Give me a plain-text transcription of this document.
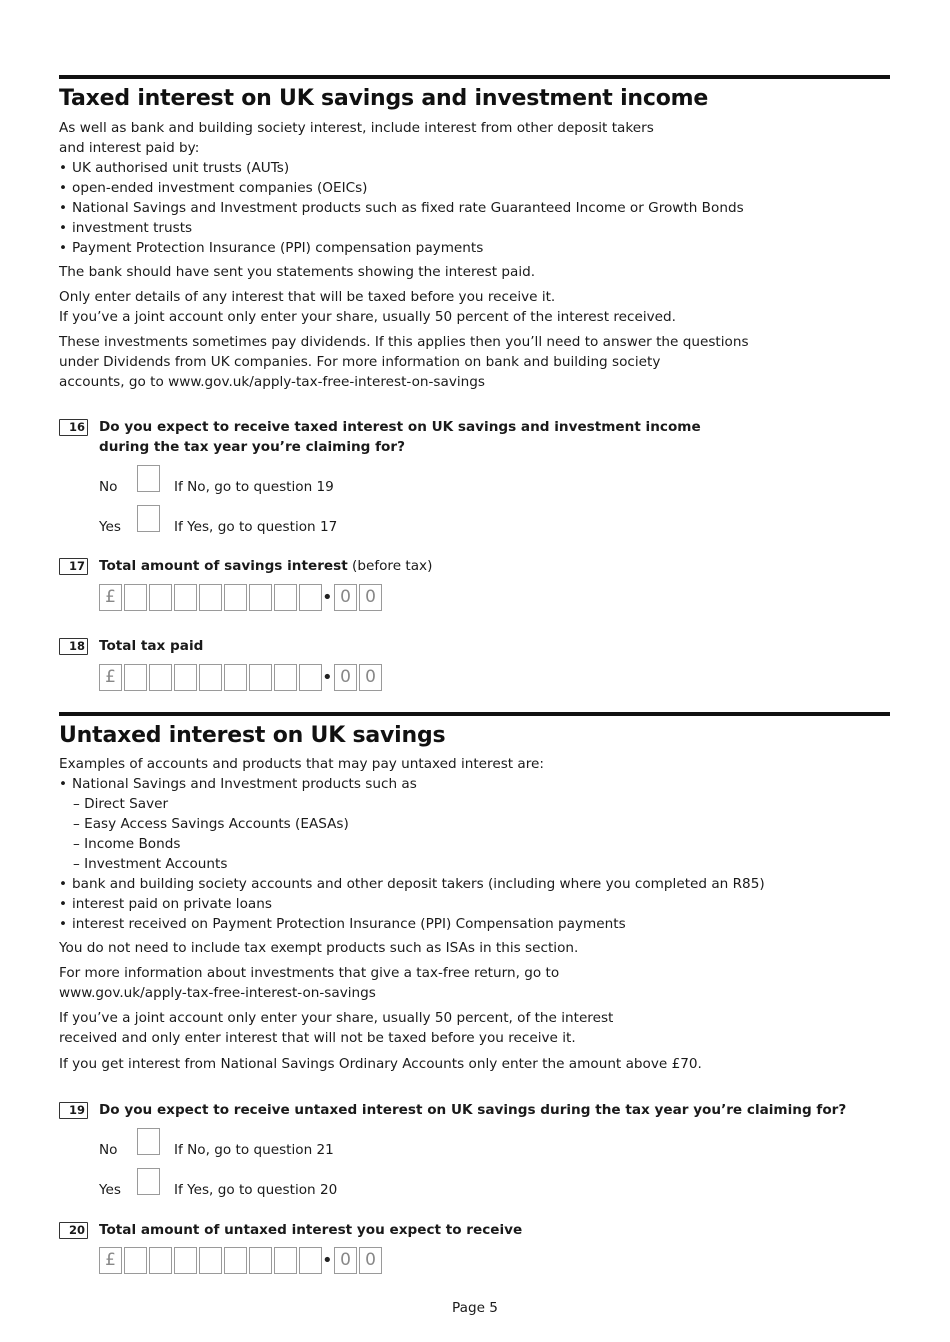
Taxed interest on UK savings and investment income

As well as bank and building society interest, include interest from other deposit takers

and interest paid by:

• UK authorised unit trusts (AUTs)
• open-ended investment companies (OEICs)
• National Savings and Investment products such as fixed rate Guaranteed Income or Growth Bonds
• investment trusts
• Payment Protection Insurance (PPI) compensation payments

The bank should have sent you statements showing the interest paid.

Only enter details of any interest that will be taxed before you receive it.

If you’ve a joint account only enter your share, usually 50 percent of the interest received.

These investments sometimes pay dividends. If this applies then you’ll need to answer the questions

under Dividends from UK companies. For more information on bank and building society

accounts, go to www.gov.uk/apply-tax-free-interest-on-savings

16 Do you expect to receive taxed interest on UK savings and investment income
during the tax year you’re claiming for?
No	If No, go to question 19
Yes	If Yes, go to question 17
17 Total amount of savings interest (before tax)
£	• 0 0
18 Total tax paid
£	• 0 0
Untaxed interest on UK savings

Examples of accounts and products that may pay untaxed interest are:

• National Savings and Investment products such as
– Direct Saver
– Easy Access Savings Accounts (EASAs)
– Income Bonds
– Investment Accounts
• bank and building society accounts and other deposit takers (including where you completed an R85)
• interest paid on private loans
• interest received on Payment Protection Insurance (PPI) Compensation payments

You do not need to include tax exempt products such as ISAs in this section.

For more information about investments that give a tax-free return, go to

www.gov.uk/apply-tax-free-interest-on-savings

If you’ve a joint account only enter your share, usually 50 percent, of the interest

received and only enter interest that will not be taxed before you receive it.

If you get interest from National Savings Ordinary Accounts only enter the amount above £70.

19 Do you expect to receive untaxed interest on UK savings during the tax year you’re claiming for?
No	If No, go to question 21
Yes	If Yes, go to question 20
20 Total amount of untaxed interest you expect to receive
£	• 0 0
Page 5
